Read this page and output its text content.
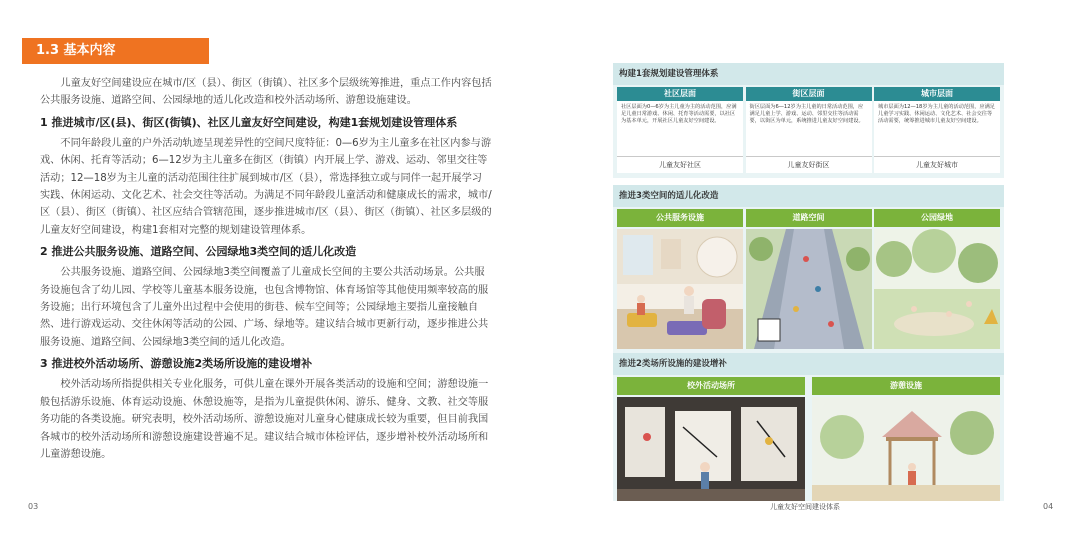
1.3 基本内容

儿童友好空间建设应在城市/区（县）、街区（街镇）、社区多个层级统筹推进，重点工作内容包括公共服务设施、道路空间、公园绿地的适儿化改造和校外活动场所、游憩设施建设。

1 推进城市/区(县)、街区(街镇)、社区儿童友好空间建设，构建1套规划建设管理体系

不同年龄段儿童的户外活动轨迹呈现差异性的空间尺度特征：0—6岁为主儿童多在社区内参与游戏、休闲、托育等活动；6—12岁为主儿童多在街区（街镇）内开展上学、游戏、运动、邻里交往等活动；12—18岁为主儿童的活动范围往往扩展到城市/区（县），常选择独立或与同伴一起开展学习实践、休闲运动、文化艺术、社会交往等活动。为满足不同年龄段儿童活动和健康成长的需求，城市/区（县）、街区（街镇）、社区应结合管辖范围，逐步推进城市/区（县）、街区（街镇）、社区多层级的儿童友好空间建设，构建1套相对完整的规划建设管理体系。

2 推进公共服务设施、道路空间、公园绿地3类空间的适儿化改造

公共服务设施、道路空间、公园绿地3类空间覆盖了儿童成长空间的主要公共活动场景。公共服务设施包含了幼儿园、学校等儿童基本服务设施，也包含博物馆、体育场馆等其他使用频率较高的服务设施；出行环境包含了儿童外出过程中会使用的街巷、候车空间等；公园绿地主要指儿童接触自然、进行游戏运动、交往休闲等活动的公园、广场、绿地等。建议结合城市更新行动，逐步推进公共服务设施、道路空间、公园绿地3类空间的适儿化改造。

3 推进校外活动场所、游憩设施2类场所设施的建设增补

校外活动场所指提供相关专业化服务，可供儿童在课外开展各类活动的设施和空间；游憩设施一般包括游乐设施、体育运动设施、休憩设施等，是指为儿童提供休闲、游乐、健身、文教、社交等服务功能的各类设施。研究表明，校外活动场所、游憩设施对儿童身心健康成长较为重要，但目前我国各城市的校外活动场所和游憩设施建设普遍不足。建议结合城市体检评估，逐步增补校外活动场所和儿童游憩设施。

03	04
儿童友好空间建设体系
构建1套规划建设管理体系
社区层面
社区层面为0—6岁为主儿童为主的活动范围，应满足儿童日常游戏、休闲、托育等活动需要，以社区为基本单元，开展社区儿童友好空间建设。
儿童友好社区
街区层面
街区层面为6—12岁为主儿童的日常活动范围，应满足儿童上学、游戏、运动、邻里交往等活动需要，以街区为单元，系统推进儿童友好空间建设。
儿童友好街区
城市层面
城市层面为12—18岁为主儿童的活动范围，应满足儿童学习实践、休闲运动、文化艺术、社会交往等活动需要，统筹推进城市儿童友好空间建设。
儿童友好城市
推进3类空间的适儿化改造
公共服务设施	道路空间	公园绿地
推进2类场所设施的建设增补
校外活动场所	游憩设施
